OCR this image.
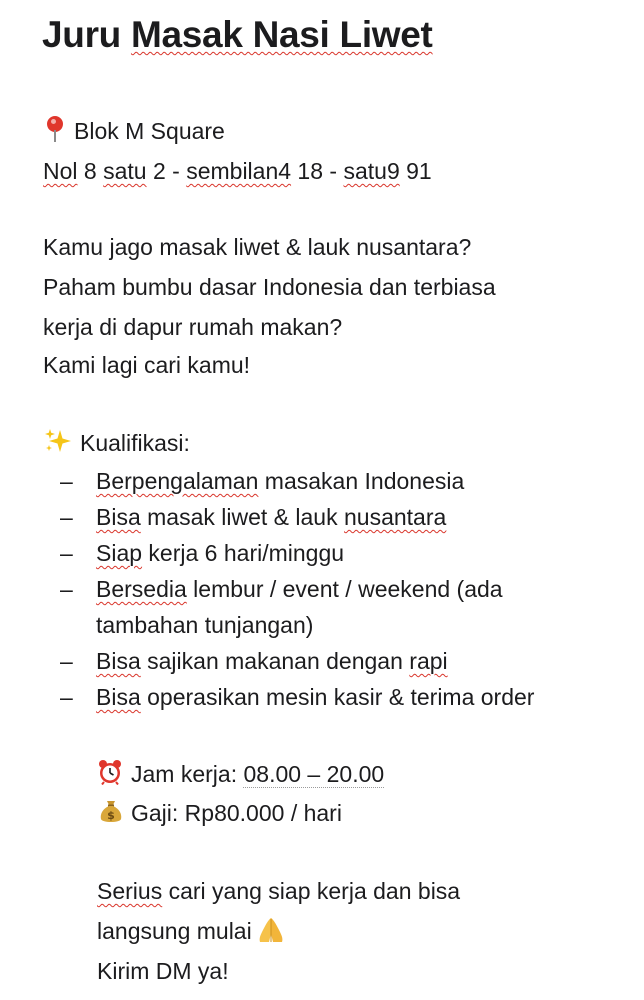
Juru Masak Nasi Liwet
Blok M Square
Nol 8 satu 2 - sembilan4 18 - satu9 91
Kamu jago masak liwet & lauk nusantara?
Paham bumbu dasar Indonesia dan terbiasa
kerja di dapur rumah makan?
Kami lagi cari kamu!
Kualifikasi:
– Berpengalaman masakan Indonesia
– Bisa masak liwet & lauk nusantara
– Siap kerja 6 hari/minggu
– Bersedia lembur / event / weekend (ada
tambahan tunjangan)
– Bisa sajikan makanan dengan rapi
– Bisa operasikan mesin kasir & terima order
Jam kerja: 08.00 – 20.00
$ Gaji: Rp80.000 / hari
Serius cari yang siap kerja dan bisa
langsung mulai
Kirim DM ya!
